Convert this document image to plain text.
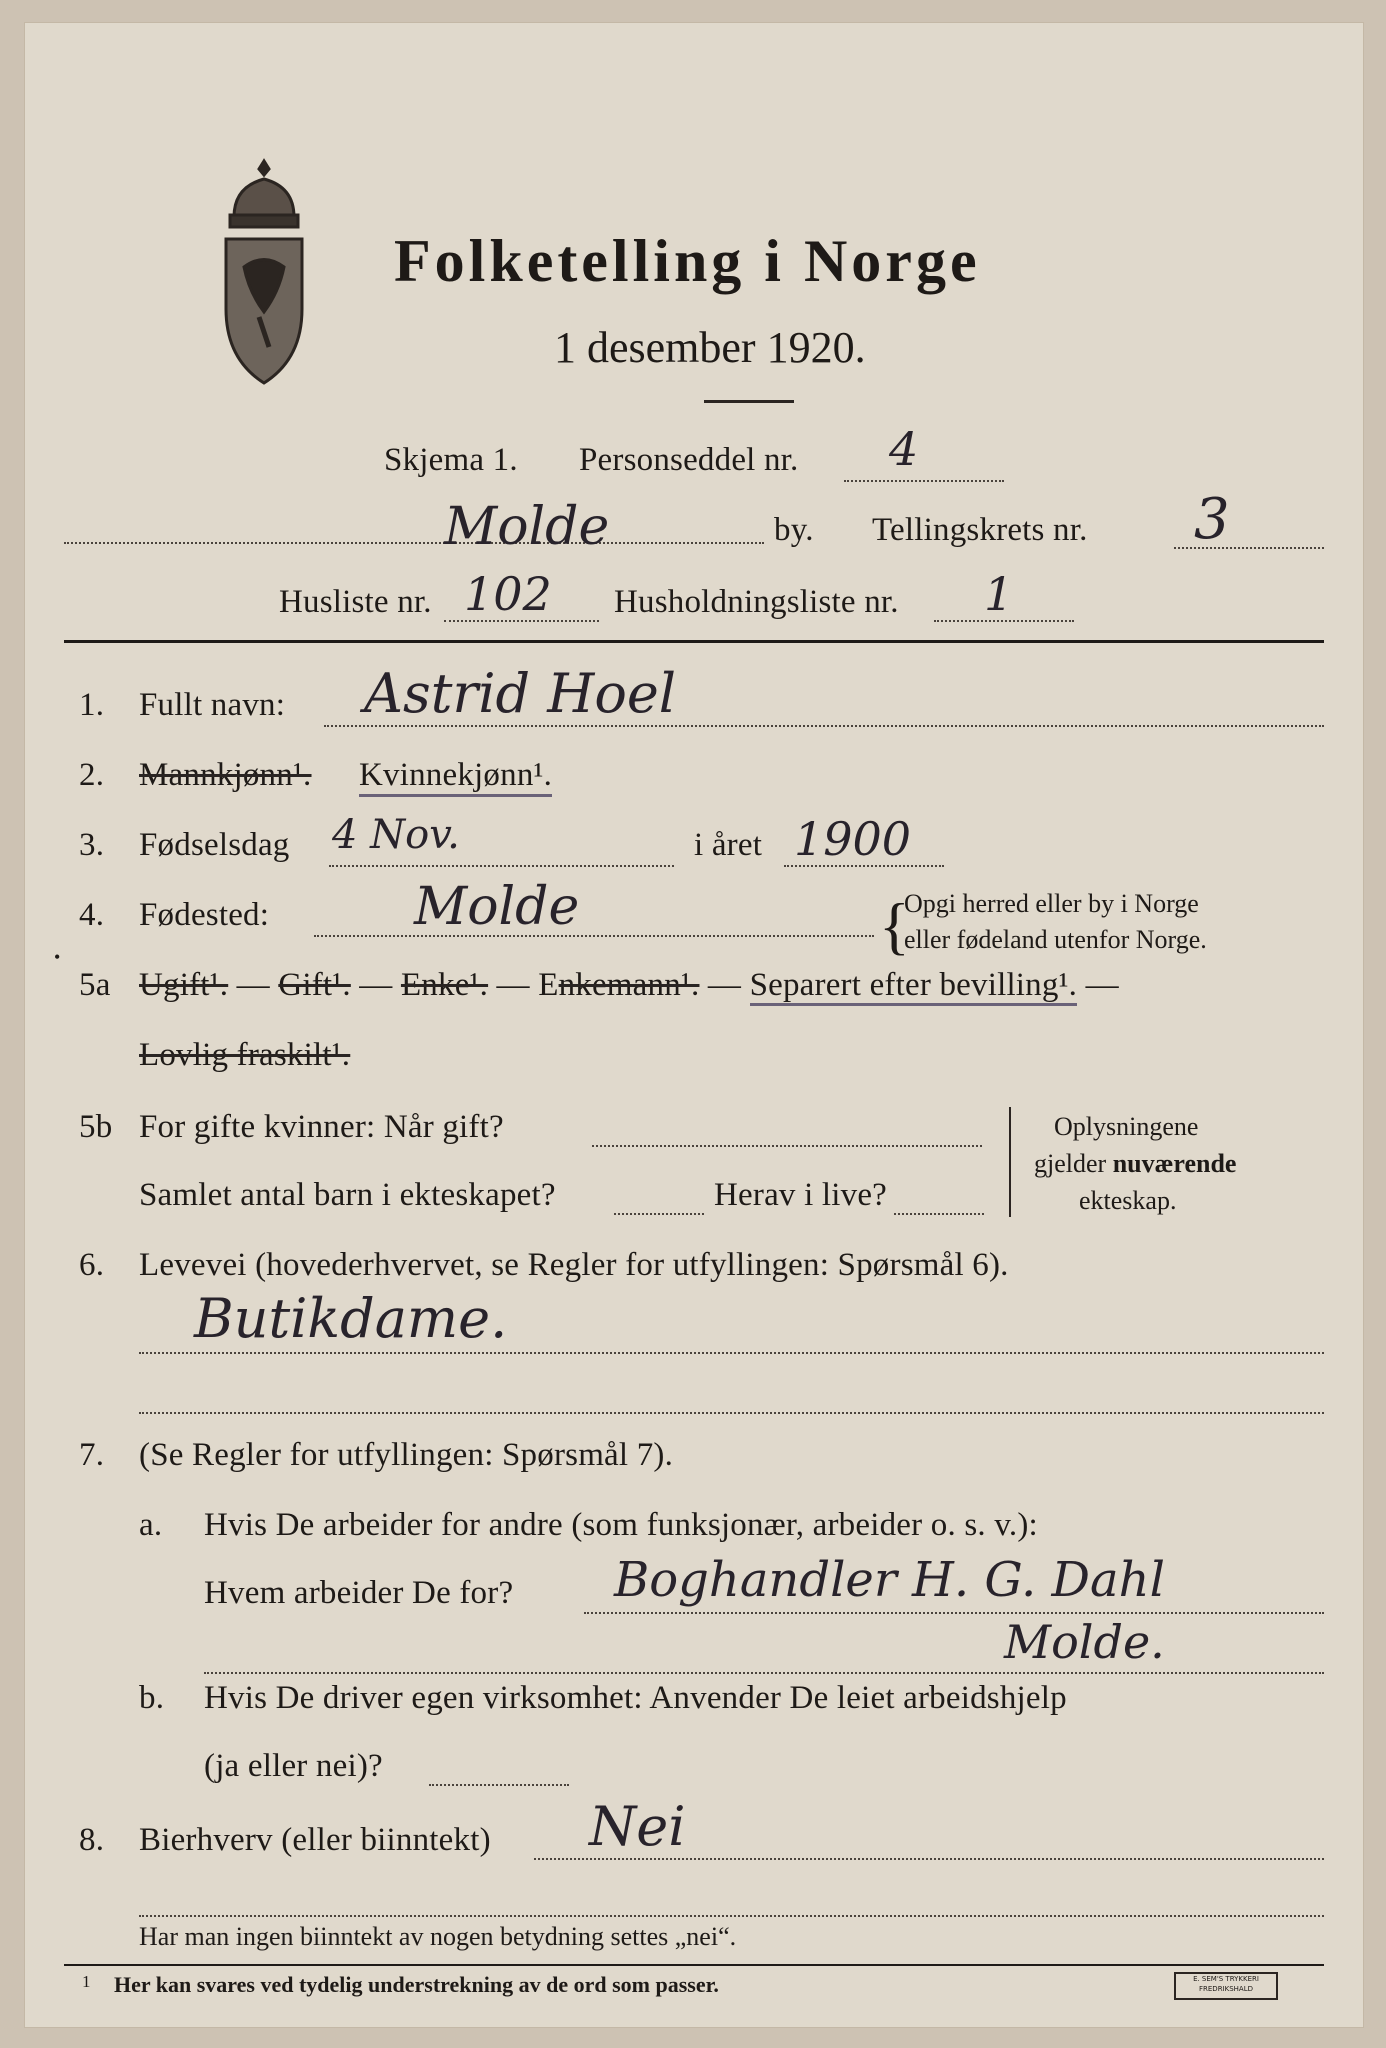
Folketelling i Norge
1 desember 1920.
Skjema 1. Personseddel nr. 4
Molde	by. Tellingskrets nr. 3
Husliste nr. 102 Husholdningsliste nr. 1
1. Fullt navn: Astrid Hoel
2. Mannkjønn¹. Kvinnekjønn¹.
3. Fødselsdag 4 Nov.	i året 1900
4. Fødested:	Molde	{
Opgi herred eller by i Norge
eller fødeland utenfor Norge.
•
5a Ugift¹. — Gift¹. — Enke¹. — Enkemann¹. — Separert efter bevilling¹. —
Lovlig fraskilt¹.
5b For gifte kvinner: Når gift?
Samlet antal barn i ekteskapet?	Herav i live?
Oplysningene
gjelder nuværende
ekteskap.
6. Levevei (hovederhvervet, se Regler for utfyllingen: Spørsmål 6).
Butikdame.
7. (Se Regler for utfyllingen: Spørsmål 7).
a. Hvis De arbeider for andre (som funksjonær, arbeider o. s. v.):
Hvem arbeider De for? Boghandler H. G. Dahl
Molde.
b. Hvis De driver egen virksomhet: Anvender De leiet arbeidshjelp
(ja eller nei)?
8. Bierhverv (eller biinntekt) Nei
Har man ingen biinntekt av nogen betydning settes „nei“.
1 Her kan svares ved tydelig understrekning av de ord som passer.	E. SEM'S TRYKKERI
FREDRIKSHALD
